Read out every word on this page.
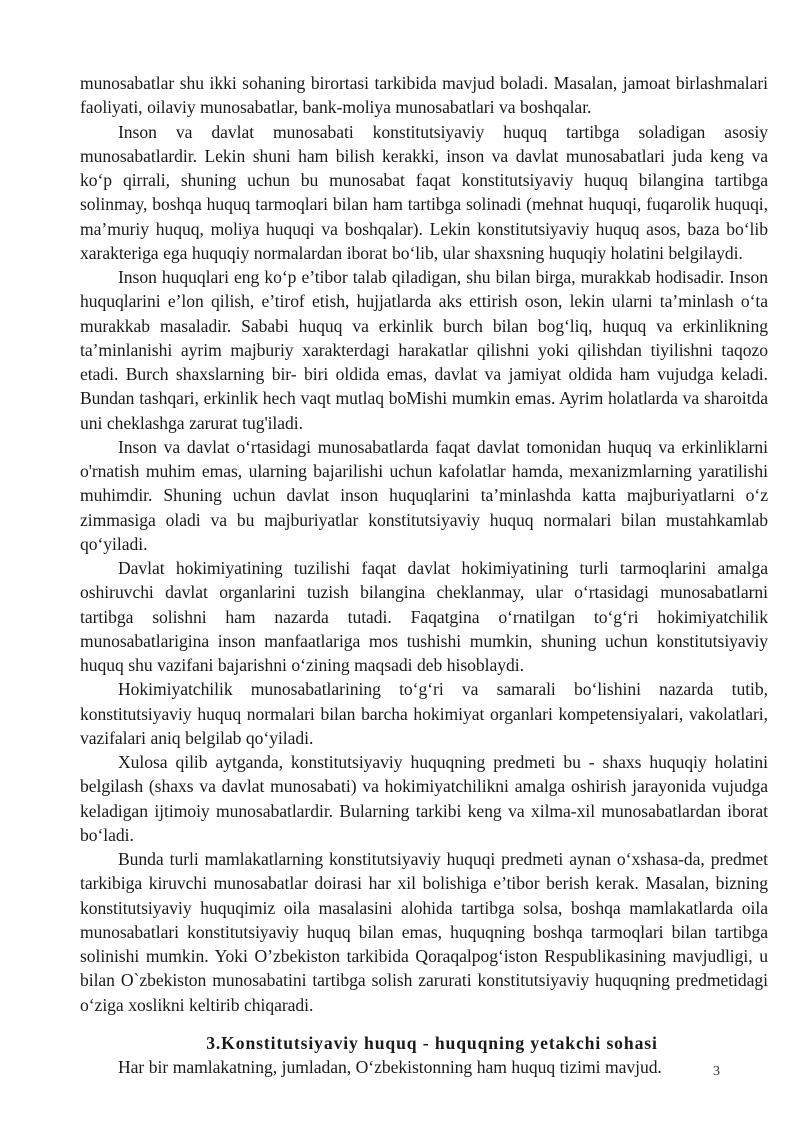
munosabatlar shu ikki sohaning birortasi tarkibida mavjud boladi. Masalan, jamoat birlashmalari faoliyati, oilaviy munosabatlar, bank-moliya munosabatlari va boshqalar.

Inson va davlat munosabati konstitutsiyaviy huquq tartibga soladigan asosiy munosabatlardir. Lekin shuni ham bilish kerakki, inson va davlat munosabatlari juda keng va ko‘p qirrali, shuning uchun bu munosabat faqat konstitutsiyaviy huquq bilangina tartibga solinmay, boshqa huquq tarmoqlari bilan ham tartibga solinadi (mehnat huquqi, fuqarolik huquqi, ma’muriy huquq, moliya huquqi va boshqalar). Lekin konstitutsiyaviy huquq asos, baza bo‘lib xarakteriga ega huquqiy normalardan iborat bo‘lib, ular shaxsning huquqiy holatini belgilaydi.

Inson huquqlari eng ko‘p e’tibor talab qiladigan, shu bilan birga, murakkab hodisadir. Inson huquqlarini e’lon qilish, e’tirof etish, hujjatlarda aks ettirish oson, lekin ularni ta’minlash o‘ta murakkab masaladir. Sababi huquq va erkinlik burch bilan bog‘liq, huquq va erkinlikning ta’minlanishi ayrim majburiy xarakterdagi harakatlar qilishni yoki qilishdan tiyilishni taqozo etadi. Burch shaxslarning bir- biri oldida emas, davlat va jamiyat oldida ham vujudga keladi. Bundan tashqari, erkinlik hech vaqt mutlaq boMishi mumkin emas. Ayrim holatlarda va sharoitda uni cheklashga zarurat tug'iladi.

Inson va davlat o‘rtasidagi munosabatlarda faqat davlat tomonidan huquq va erkinliklarni o'rnatish muhim emas, ularning bajarilishi uchun kafolatlar hamda, mexanizmlarning yaratilishi muhimdir. Shuning uchun davlat inson huquqlarini ta’minlashda katta majburiyatlarni o‘z zimmasiga oladi va bu majburiyatlar konstitutsiyaviy huquq normalari bilan mustahkamlab qo‘yiladi.

Davlat hokimiyatining tuzilishi faqat davlat hokimiyatining turli tarmoqlarini amalga oshiruvchi davlat organlarini tuzish bilangina cheklanmay, ular o‘rtasidagi munosabatlarni tartibga solishni ham nazarda tutadi. Faqatgina o‘rnatilgan to‘g‘ri hokimiyatchilik munosabatlarigina inson manfaatlariga mos tushishi mumkin, shuning uchun konstitutsiyaviy huquq shu vazifani bajarishni o‘zining maqsadi deb hisoblaydi.

Hokimiyatchilik munosabatlarining to‘g‘ri va samarali bo‘lishini nazarda tutib, konstitutsiyaviy huquq normalari bilan barcha hokimiyat organlari kompetensiyalari, vakolatlari, vazifalari aniq belgilab qo‘yiladi.

Xulosa qilib aytganda, konstitutsiyaviy huquqning predmeti bu - shaxs huquqiy holatini belgilash (shaxs va davlat munosabati) va hokimiyatchilikni amalga oshirish jarayonida vujudga keladigan ijtimoiy munosabatlardir. Bularning tarkibi keng va xilma-xil munosabatlardan iborat bo‘ladi.

Bunda turli mamlakatlarning konstitutsiyaviy huquqi predmeti aynan o‘xshasa-da, predmet tarkibiga kiruvchi munosabatlar doirasi har xil bolishiga e’tibor berish kerak. Masalan, bizning konstitutsiyaviy huquqimiz oila masalasini alohida tartibga solsa, boshqa mamlakatlarda oila munosabatlari konstitutsiyaviy huquq bilan emas, huquqning boshqa tarmoqlari bilan tartibga solinishi mumkin. Yoki O’zbekiston tarkibida Qoraqalpog‘iston Respublikasining mavjudligi, u bilan O`zbekiston munosabatini tartibga solish zarurati konstitutsiyaviy huquqning predmetidagi o‘ziga xoslikni keltirib chiqaradi.

3.Konstitutsiyaviy huquq - huquqning yetakchi sohasi

Har bir mamlakatning, jumladan, O‘zbekistonning ham huquq tizimi mavjud.	3
